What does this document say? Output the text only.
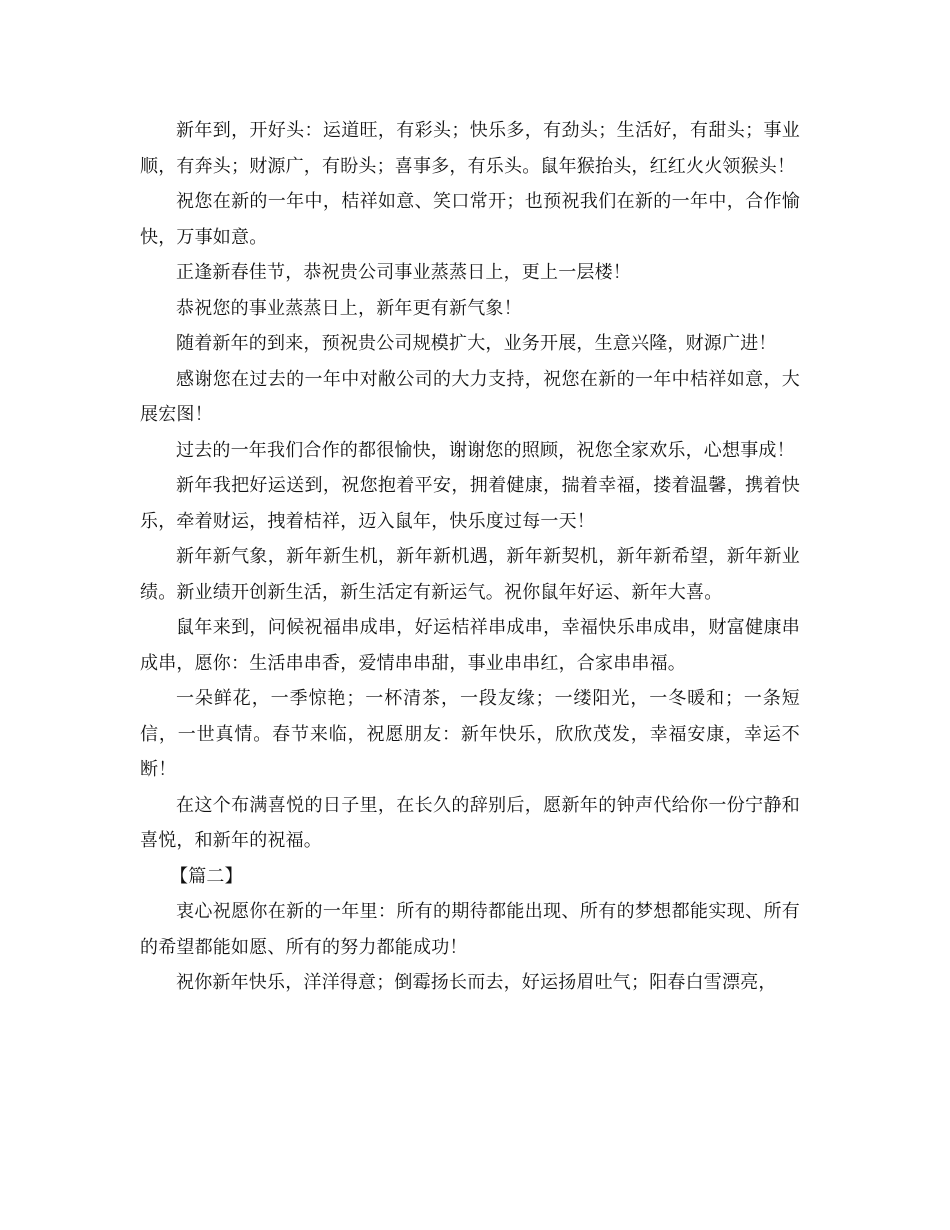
新年到，开好头：运道旺，有彩头；快乐多，有劲头；生活好，有甜头；事业顺，有奔头；财源广，有盼头；喜事多，有乐头。鼠年猴抬头，红红火火领猴头！

祝您在新的一年中，桔祥如意、笑口常开；也预祝我们在新的一年中，合作愉快，万事如意。

正逢新春佳节，恭祝贵公司事业蒸蒸日上，更上一层楼！

恭祝您的事业蒸蒸日上，新年更有新气象！

随着新年的到来，预祝贵公司规模扩大，业务开展，生意兴隆，财源广进！

感谢您在过去的一年中对敝公司的大力支持，祝您在新的一年中桔祥如意，大展宏图！

过去的一年我们合作的都很愉快，谢谢您的照顾，祝您全家欢乐，心想事成！

新年我把好运送到，祝您抱着平安，拥着健康，揣着幸福，搂着温馨，携着快乐，牵着财运，拽着桔祥，迈入鼠年，快乐度过每一天！

新年新气象，新年新生机，新年新机遇，新年新契机，新年新希望，新年新业绩。新业绩开创新生活，新生活定有新运气。祝你鼠年好运、新年大喜。

鼠年来到，问候祝福串成串，好运桔祥串成串，幸福快乐串成串，财富健康串成串，愿你：生活串串香，爱情串串甜，事业串串红，合家串串福。

一朵鲜花，一季惊艳；一杯清茶，一段友缘；一缕阳光，一冬暖和；一条短信，一世真情。春节来临，祝愿朋友：新年快乐，欣欣茂发，幸福安康，幸运不断！

在这个布满喜悦的日子里，在长久的辞别后，愿新年的钟声代给你一份宁静和喜悦，和新年的祝福。

【篇二】

衷心祝愿你在新的一年里：所有的期待都能出现、所有的梦想都能实现、所有的希望都能如愿、所有的努力都能成功！

祝你新年快乐，洋洋得意；倒霉扬长而去，好运扬眉吐气；阳春白雪漂亮，
